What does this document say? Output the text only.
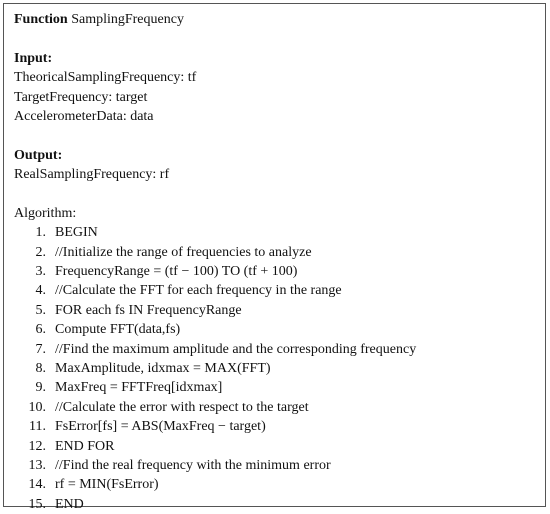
Function SamplingFrequency
Input:
TheoricalSamplingFrequency: tf
TargetFrequency: target
AccelerometerData: data
Output:
RealSamplingFrequency: rf
Algorithm:
1. BEGIN
2. //Initialize the range of frequencies to analyze
3. FrequencyRange = (tf − 100) TO (tf + 100)
4. //Calculate the FFT for each frequency in the range
5. FOR each fs IN FrequencyRange
6. Compute FFT(data,fs)
7. //Find the maximum amplitude and the corresponding frequency
8. MaxAmplitude, idxmax = MAX(FFT)
9. MaxFreq = FFTFreq[idxmax]
10. //Calculate the error with respect to the target
11. FsError[fs] = ABS(MaxFreq − target)
12. END FOR
13. //Find the real frequency with the minimum error
14. rf = MIN(FsError)
15. END
